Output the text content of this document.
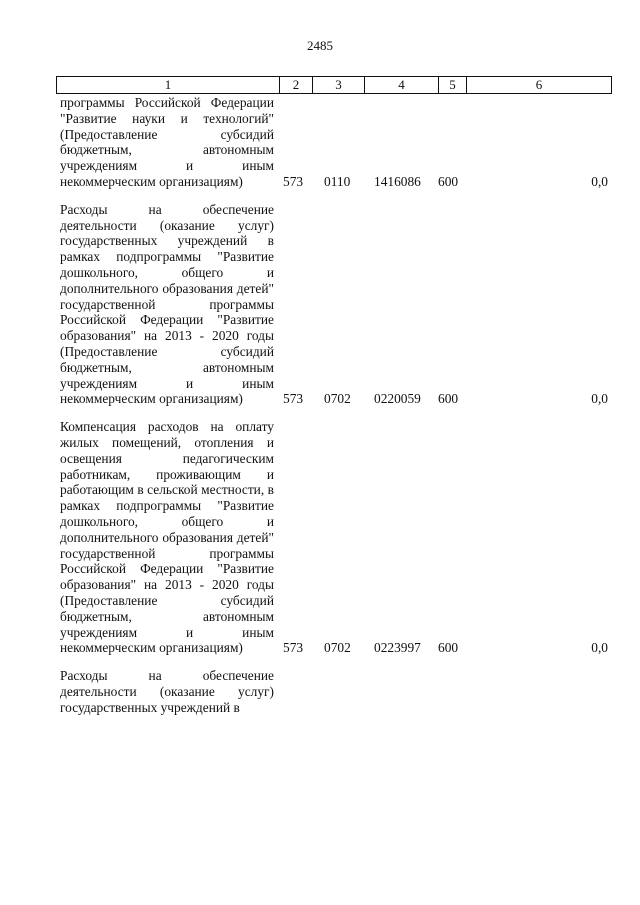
2485
1	2	3	4	5	6
программы Российской Федерации "Развитие науки и технологий" (Предоставление субсидий бюджетным, автономным учреждениям и иным некоммерческим организациям)	573 0110 1416086 600	0,0
Расходы на обеспечение деятельности (оказание услуг) государственных учреждений в рамках подпрограммы "Развитие дошкольного, общего и дополнительного образования детей" государственной программы Российской Федерации "Развитие образования" на 2013 - 2020 годы (Предоставление субсидий бюджетным, автономным учреждениям и иным некоммерческим организациям)	573 0702 0220059 600	0,0
Компенсация расходов на оплату жилых помещений, отопления и освещения педагогическим работникам, проживающим и работающим в сельской местности, в рамках подпрограммы "Развитие дошкольного, общего и дополнительного образования детей" государственной программы Российской Федерации "Развитие образования" на 2013 - 2020 годы (Предоставление субсидий бюджетным, автономным учреждениям и иным некоммерческим организациям)	573 0702 0223997 600	0,0
Расходы на обеспечение деятельности (оказание услуг) государственных учреждений в
